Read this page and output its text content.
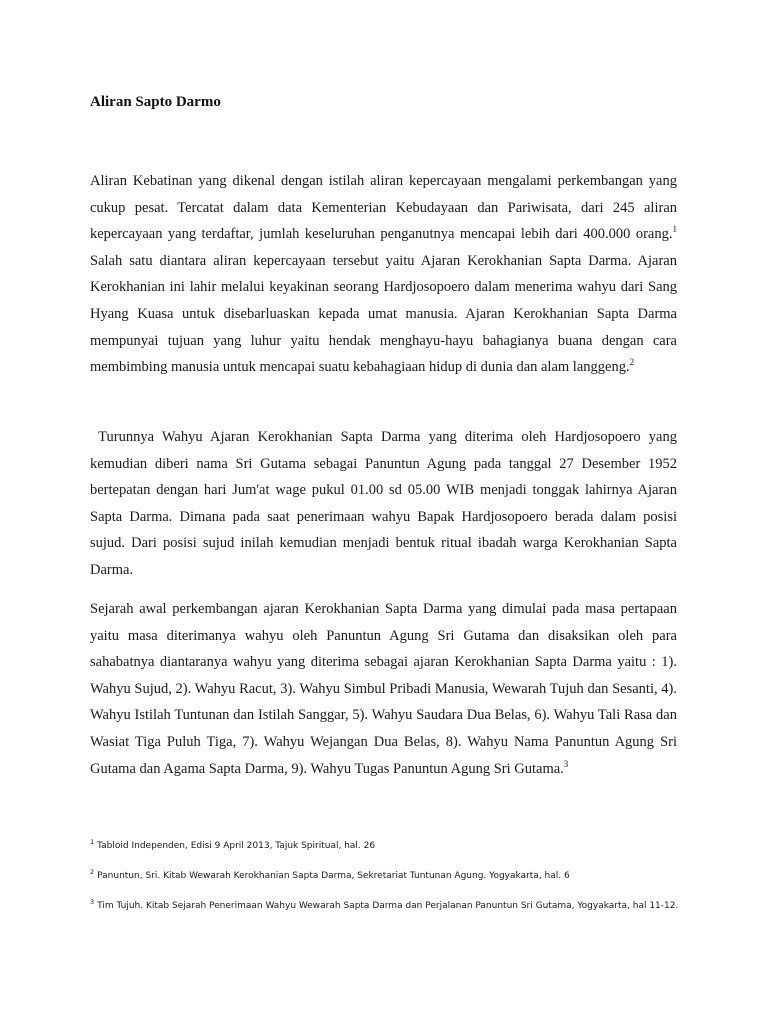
Aliran Sapto Darmo

Aliran Kebatinan yang dikenal dengan istilah aliran kepercayaan mengalami perkembangan yang cukup pesat. Tercatat dalam data Kementerian Kebudayaan dan Pariwisata, dari 245 aliran kepercayaan yang terdaftar, jumlah keseluruhan penganutnya mencapai lebih dari 400.000 orang.$^1$ Salah satu diantara aliran kepercayaan tersebut yaitu Ajaran Kerokhanian Sapta Darma. Ajaran Kerokhanian ini lahir melalui keyakinan seorang Hardjosopoero dalam menerima wahyu dari Sang Hyang Kuasa untuk disebarluaskan kepada umat manusia. Ajaran Kerokhanian Sapta Darma mempunyai tujuan yang luhur yaitu hendak menghayu-hayu bahagianya buana dengan cara membimbing manusia untuk mencapai suatu kebahagiaan hidup di dunia dan alam langgeng.$^2$

Turunnya Wahyu Ajaran Kerokhanian Sapta Darma yang diterima oleh Hardjosopoero yang kemudian diberi nama Sri Gutama sebagai Panuntun Agung pada tanggal 27 Desember 1952 bertepatan dengan hari Jum'at wage pukul 01.00 sd 05.00 WIB menjadi tonggak lahirnya Ajaran Sapta Darma. Dimana pada saat penerimaan wahyu Bapak Hardjosopoero berada dalam posisi sujud. Dari posisi sujud inilah kemudian menjadi bentuk ritual ibadah warga Kerokhanian Sapta Darma.

Sejarah awal perkembangan ajaran Kerokhanian Sapta Darma yang dimulai pada masa pertapaan yaitu masa diterimanya wahyu oleh Panuntun Agung Sri Gutama dan disaksikan oleh para sahabatnya diantaranya wahyu yang diterima sebagai ajaran Kerokhanian Sapta Darma yaitu : 1). Wahyu Sujud, 2). Wahyu Racut, 3). Wahyu Simbul Pribadi Manusia, Wewarah Tujuh dan Sesanti, 4). Wahyu Istilah Tuntunan dan Istilah Sanggar, 5). Wahyu Saudara Dua Belas, 6). Wahyu Tali Rasa dan Wasiat Tiga Puluh Tiga, 7). Wahyu Wejangan Dua Belas, 8). Wahyu Nama Panuntun Agung Sri Gutama dan Agama Sapta Darma, 9). Wahyu Tugas Panuntun Agung Sri Gutama.$^3$

$^1$ Tabloid Independen, Edisi 9 April 2013, Tajuk Spiritual, hal. 26

$^2$ Panuntun, Sri. Kitab Wewarah Kerokhanian Sapta Darma, Sekretariat Tuntunan Agung. Yogyakarta, hal. 6

$^3$ Tim Tujuh. Kitab Sejarah Penerimaan Wahyu Wewarah Sapta Darma dan Perjalanan Panuntun Sri Gutama, Yogyakarta, hal 11-12.
